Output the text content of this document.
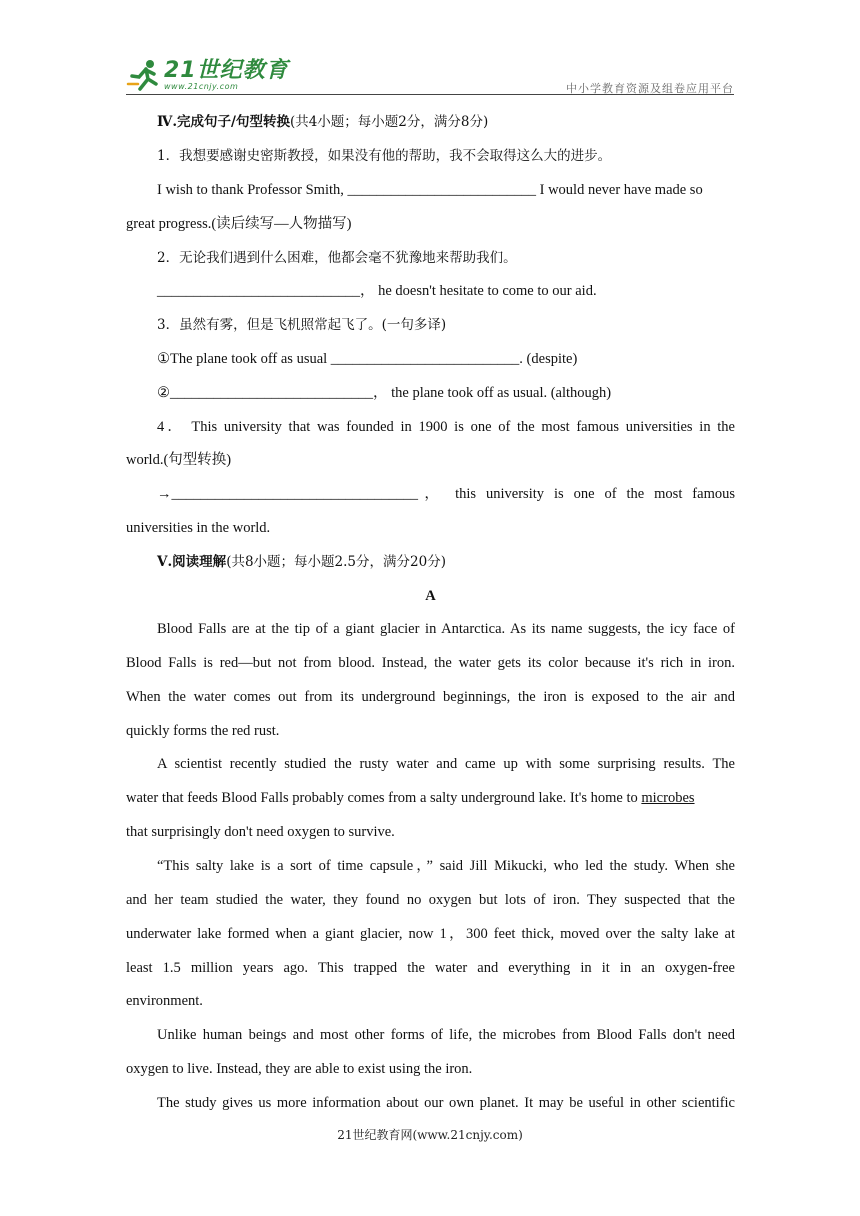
21世纪教育
www.21cnjy.com	中小学教育资源及组卷应用平台
Ⅳ.完成句子/句型转换(共4小题；每小题2分，满分8分)
1．我想要感谢史密斯教授，如果没有他的帮助，我不会取得这么大的进步。
I wish to thank Professor Smith, __________________________ I would never have made so
great progress.(读后续写—人物描写)
2．无论我们遇到什么困难，他都会毫不犹豫地来帮助我们。
____________________________， he doesn't hesitate to come to our aid.
3．虽然有雾，但是飞机照常起飞了。(一句多译)
①The plane took off as usual __________________________. (despite)
②____________________________， the plane took off as usual. (although)
4． This university that was founded in 1900 is one of the most famous universities in the
world.(句型转换)
→__________________________________， this university is one of the most famous
universities in the world.
Ⅴ.阅读理解(共8小题；每小题2.5分，满分20分)
A
Blood Falls are at the tip of a giant glacier in Antarctica. As its name suggests, the icy face of
Blood Falls is red—but not from blood. Instead, the water gets its color because it's rich in iron.
When the water comes out from its underground beginnings, the iron is exposed to the air and
quickly forms the red rust.
A scientist recently studied the rusty water and came up with some surprising results. The
water that feeds Blood Falls probably comes from a salty underground lake. It's home to microbes
that surprisingly don't need oxygen to survive.
“This salty lake is a sort of time capsule，” said Jill Mikucki, who led the study. When she
and her team studied the water, they found no oxygen but lots of iron. They suspected that the
underwater lake formed when a giant glacier, now 1，300 feet thick, moved over the salty lake at
least 1.5 million years ago. This trapped the water and everything in it in an oxygen-free
environment.
Unlike human beings and most other forms of life, the microbes from Blood Falls don't need
oxygen to live. Instead, they are able to exist using the iron.
The study gives us more information about our own planet. It may be useful in other scientific
21世纪教育网(www.21cnjy.com)
